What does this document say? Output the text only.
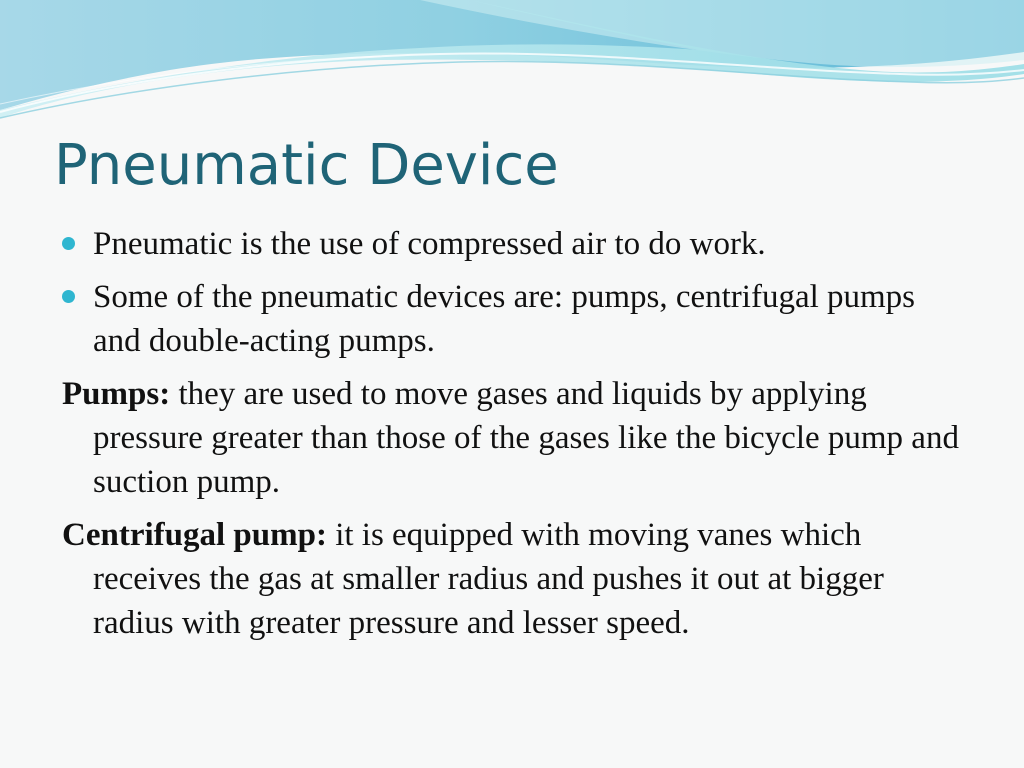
Pneumatic Device
Pneumatic is the use of compressed air to do work.
Some of the pneumatic devices are: pumps, centrifugal pumps and double-acting pumps.
Pumps: they are used to move gases and liquids by applying pressure greater than those of the gases like the bicycle pump and suction pump.
Centrifugal pump: it is equipped with moving vanes which receives the gas at smaller radius and pushes it out at bigger radius with greater pressure and lesser speed.
